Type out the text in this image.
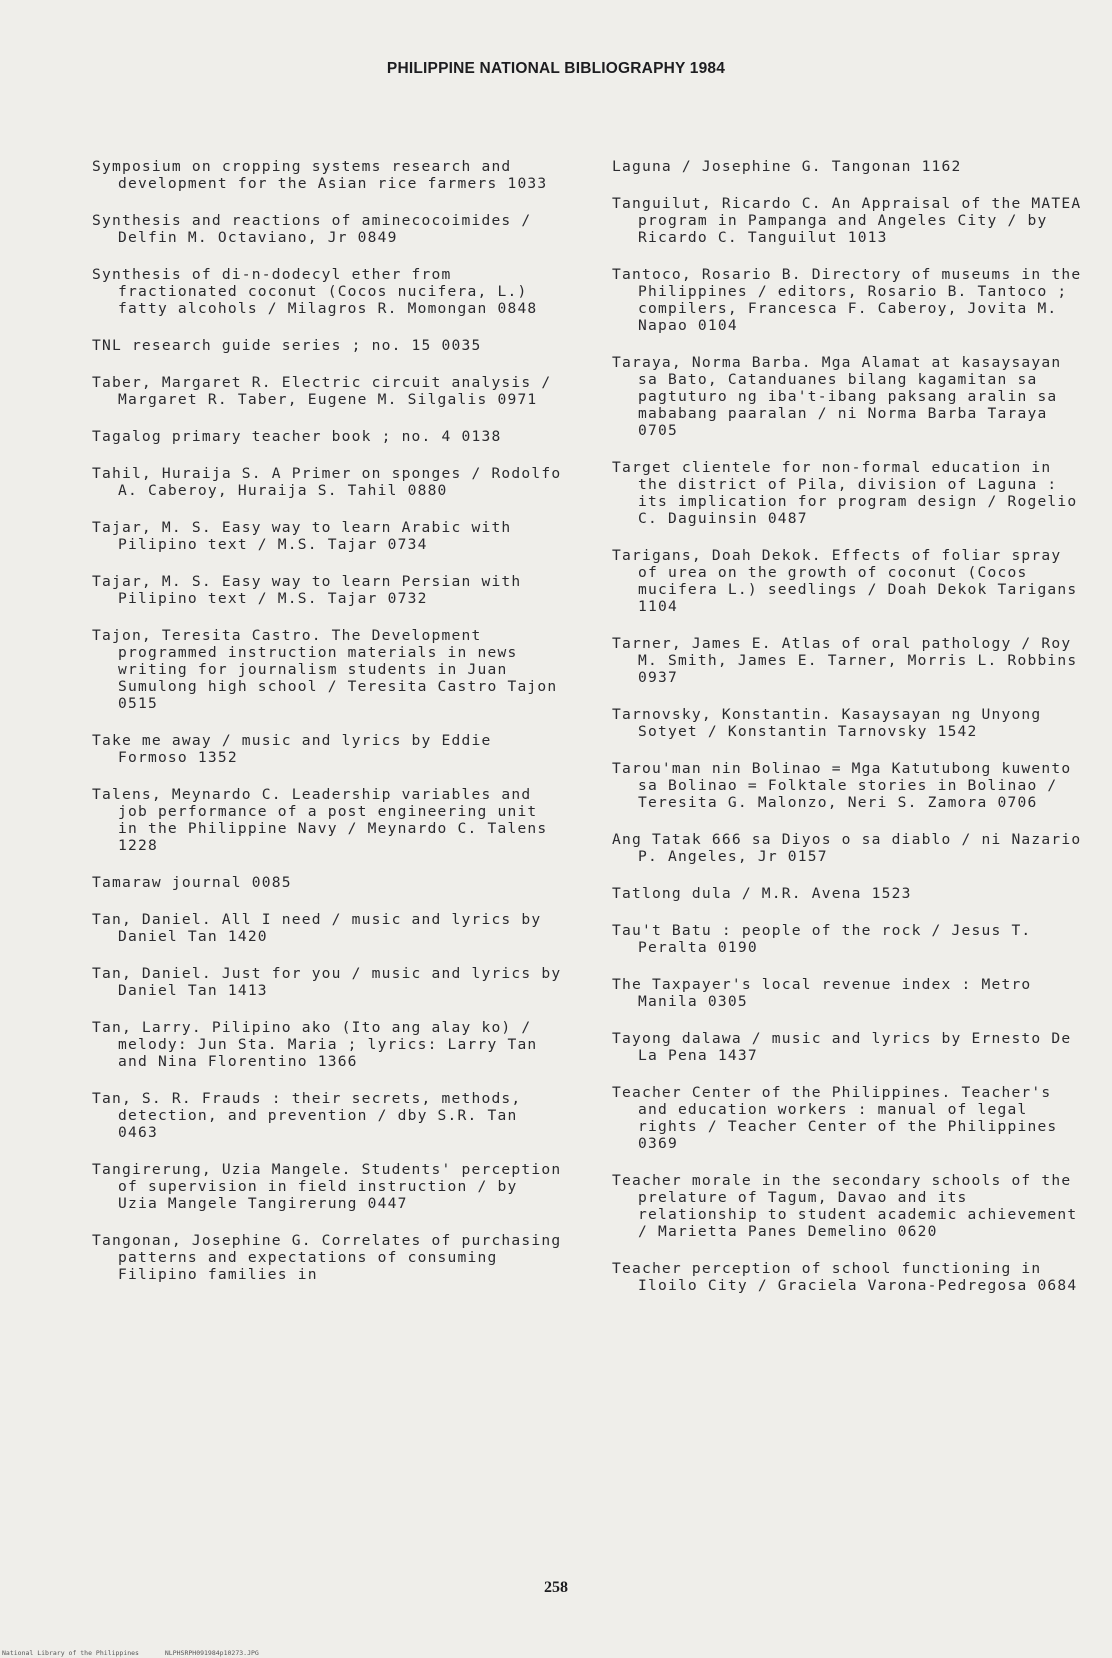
PHILIPPINE NATIONAL BIBLIOGRAPHY 1984
Symposium on cropping systems research and development for the Asian rice farmers 1033
Synthesis and reactions of aminecocoimides / Delfin M. Octaviano, Jr 0849
Synthesis of di-n-dodecyl ether from fractionated coconut (Cocos nucifera, L.) fatty alcohols / Milagros R. Momongan 0848
TNL research guide series ; no. 15 0035
Taber, Margaret R. Electric circuit analysis / Margaret R. Taber, Eugene M. Silgalis 0971
Tagalog primary teacher book ; no. 4 0138
Tahil, Huraija S. A Primer on sponges / Rodolfo A. Caberoy, Huraija S. Tahil 0880
Tajar, M. S. Easy way to learn Arabic with Pilipino text / M.S. Tajar 0734
Tajar, M. S. Easy way to learn Persian with Pilipino text / M.S. Tajar 0732
Tajon, Teresita Castro. The Development programmed instruction materials in news writing for journalism students in Juan Sumulong high school / Teresita Castro Tajon 0515
Take me away / music and lyrics by Eddie Formoso 1352
Talens, Meynardo C. Leadership variables and job performance of a post engineering unit in the Philippine Navy / Meynardo C. Talens 1228
Tamaraw journal 0085
Tan, Daniel. All I need / music and lyrics by Daniel Tan 1420
Tan, Daniel. Just for you / music and lyrics by Daniel Tan 1413
Tan, Larry. Pilipino ako (Ito ang alay ko) / melody: Jun Sta. Maria ; lyrics: Larry Tan and Nina Florentino 1366
Tan, S. R. Frauds : their secrets, methods, detection, and prevention / dby S.R. Tan 0463
Tangirerung, Uzia Mangele. Students' perception of supervision in field instruction / by Uzia Mangele Tangirerung 0447
Tangonan, Josephine G. Correlates of purchasing patterns and expectations of consuming Filipino families in
Laguna / Josephine G. Tangonan 1162
Tanguilut, Ricardo C. An Appraisal of the MATEA program in Pampanga and Angeles City / by Ricardo C. Tanguilut 1013
Tantoco, Rosario B. Directory of museums in the Philippines / editors, Rosario B. Tantoco ; compilers, Francesca F. Caberoy, Jovita M. Napao 0104
Taraya, Norma Barba. Mga Alamat at kasaysayan sa Bato, Catanduanes bilang kagamitan sa pagtuturo ng iba't-ibang paksang aralin sa mababang paaralan / ni Norma Barba Taraya 0705
Target clientele for non-formal education in the district of Pila, division of Laguna : its implication for program design / Rogelio C. Daguinsin 0487
Tarigans, Doah Dekok. Effects of foliar spray of urea on the growth of coconut (Cocos mucifera L.) seedlings / Doah Dekok Tarigans 1104
Tarner, James E. Atlas of oral pathology / Roy M. Smith, James E. Tarner, Morris L. Robbins 0937
Tarnovsky, Konstantin. Kasaysayan ng Unyong Sotyet / Konstantin Tarnovsky 1542
Tarou'man nin Bolinao = Mga Katutubong kuwento sa Bolinao = Folktale stories in Bolinao / Teresita G. Malonzo, Neri S. Zamora 0706
Ang Tatak 666 sa Diyos o sa diablo / ni Nazario P. Angeles, Jr 0157
Tatlong dula / M.R. Avena 1523
Tau't Batu : people of the rock / Jesus T. Peralta 0190
The Taxpayer's local revenue index : Metro Manila 0305
Tayong dalawa / music and lyrics by Ernesto De La Pena 1437
Teacher Center of the Philippines. Teacher's and education workers : manual of legal rights / Teacher Center of the Philippines 0369
Teacher morale in the secondary schools of the prelature of Tagum, Davao and its relationship to student academic achievement / Marietta Panes Demelino 0620
Teacher perception of school functioning in Iloilo City / Graciela Varona-Pedregosa 0684
258
National Library of the Philippines	NLPHSRPH091984p10273.JPG
